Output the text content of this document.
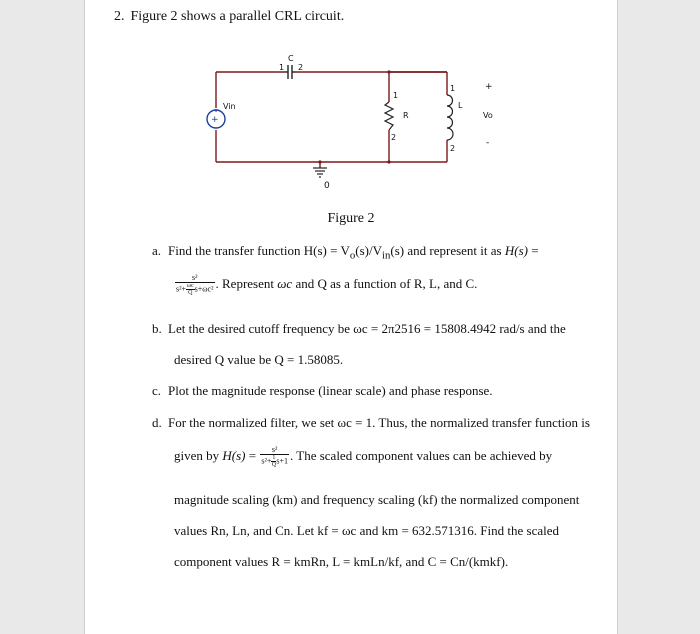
2. Figure 2 shows a parallel CRL circuit.
+
C
1 2
Vin
R
1
2
L
1
2
Vo
+
-
0
Figure 2
a. Find the transfer function $H(s) = V_o(s)/V_{in}(s)$ and represent it as H(s) =
$\frac{\text{s²}}{s^2+ \frac{\omega c}{Q}s+\omega c^2}$ . Represent ωc and Q as a function of R, L, and C.
b. Let the desired cutoff frequency be ωc = 2π2516 = 15808.4942 rad/s and the
desired Q value be Q = 1.58085.
c. Plot the magnitude response (linear scale) and phase response.
d. For the normalized filter, we set ωc = 1. Thus, the normalized transfer function is
given by $H(s) = \frac{\text{s²}}{s^2+ \frac{1}{Q}s+1}$ . The scaled component values can be achieved by
magnitude scaling (km) and frequency scaling (kf) the normalized component
values Rn, Ln, and Cn. Let kf = ωc and km = 632.571316. Find the scaled
component values R = kmRn, L = kmLn/kf, and C = Cn/(kmkf).
